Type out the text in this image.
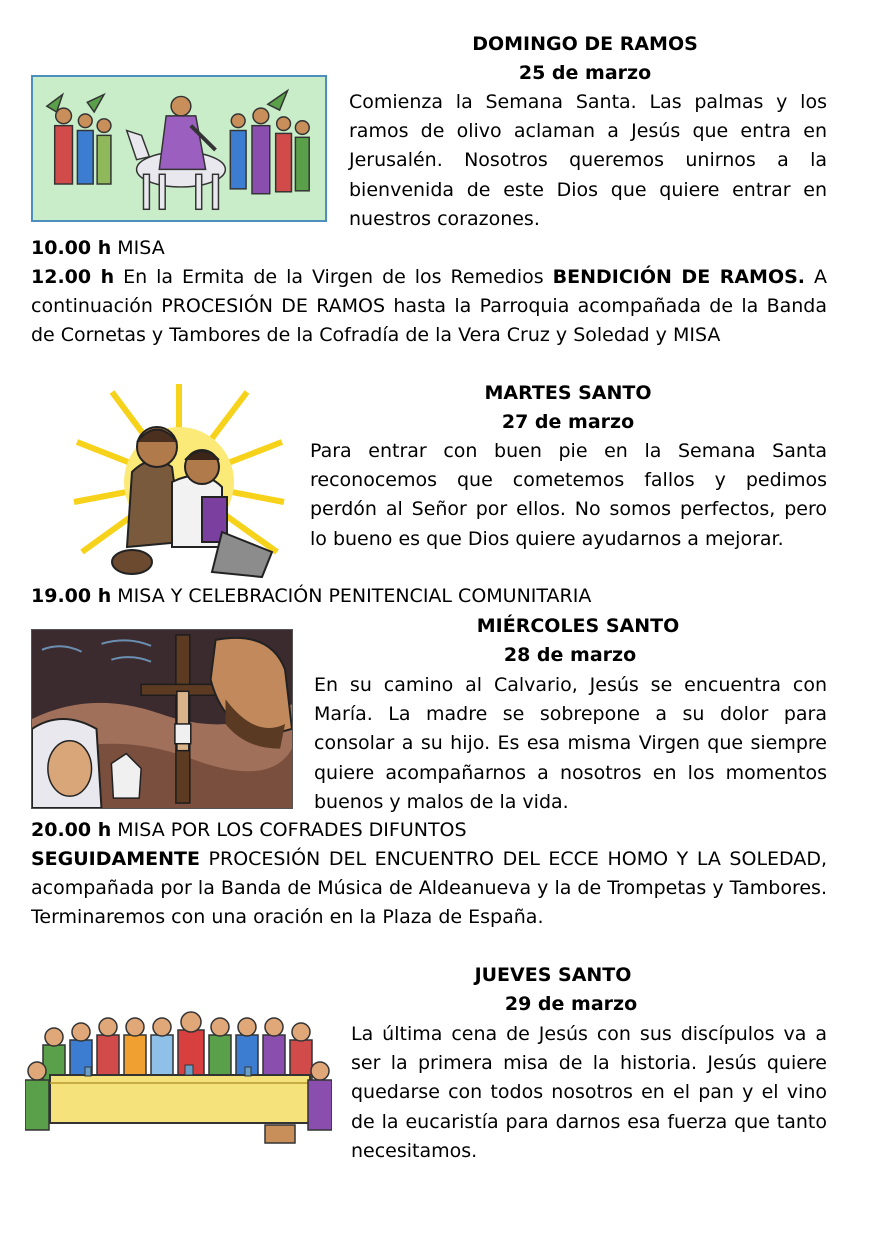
DOMINGO DE RAMOS
25 de marzo

Comienza la Semana Santa. Las palmas y los ramos de olivo aclaman a Jesús que entra en Jerusalén. Nosotros queremos unirnos a la bienvenida de este Dios que quiere entrar en nuestros corazones.

10.00 h MISA

12.00 h En la Ermita de la Virgen de los Remedios BENDICIÓN DE RAMOS. A continuación PROCESIÓN DE RAMOS hasta la Parroquia acompañada de la Banda de Cornetas y Tambores de la Cofradía de la Vera Cruz y Soledad y MISA

MARTES SANTO
27 de marzo

Para entrar con buen pie en la Semana Santa reconocemos que cometemos fallos y pedimos perdón al Señor por ellos. No somos perfectos, pero lo bueno es que Dios quiere ayudarnos a mejorar.

19.00 h MISA Y CELEBRACIÓN PENITENCIAL COMUNITARIA

MIÉRCOLES SANTO
28 de marzo

En su camino al Calvario, Jesús se encuentra con María. La madre se sobrepone a su dolor para consolar a su hijo. Es esa misma Virgen que siempre quiere acompañarnos a nosotros en los momentos buenos y malos de la vida.

20.00 h MISA POR LOS COFRADES DIFUNTOS

SEGUIDAMENTE PROCESIÓN DEL ENCUENTRO DEL ECCE HOMO Y LA SOLEDAD, acompañada por la Banda de Música de Aldeanueva y la de Trompetas y Tambores. Terminaremos con una oración en la Plaza de España.

JUEVES SANTO
29 de marzo

La última cena de Jesús con sus discípulos va a ser la primera misa de la historia. Jesús quiere quedarse con todos nosotros en el pan y el vino de la eucaristía para darnos esa fuerza que tanto necesitamos.
